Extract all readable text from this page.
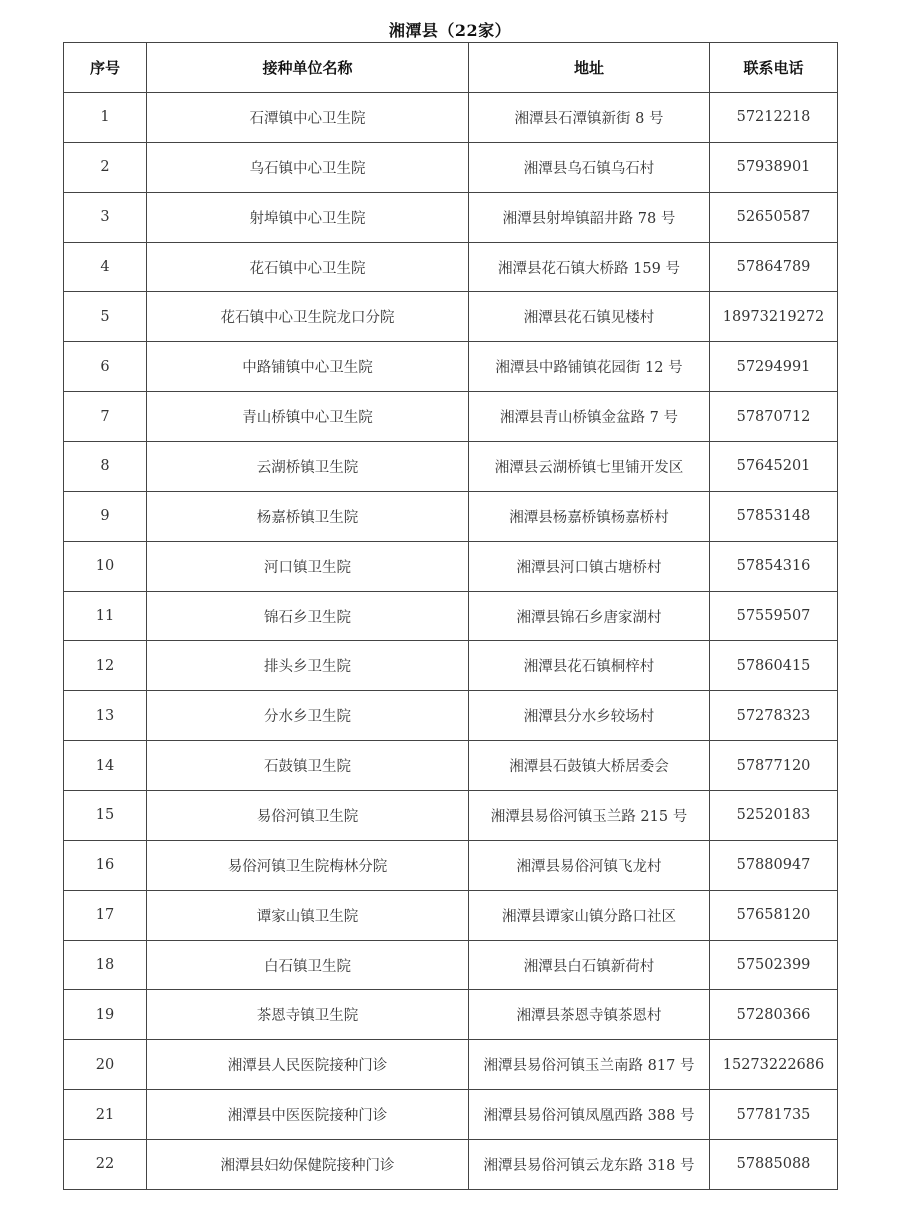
湘潭县（22家）
序号	接种单位名称	地址	联系电话
1	石潭镇中心卫生院	湘潭县石潭镇新街 8 号	57212218
2	乌石镇中心卫生院	湘潭县乌石镇乌石村	57938901
3	射埠镇中心卫生院	湘潭县射埠镇韶井路 78 号	52650587
4	花石镇中心卫生院	湘潭县花石镇大桥路 159 号	57864789
5	花石镇中心卫生院龙口分院	湘潭县花石镇见楼村	18973219272
6	中路铺镇中心卫生院	湘潭县中路铺镇花园街 12 号	57294991
7	青山桥镇中心卫生院	湘潭县青山桥镇金盆路 7 号	57870712
8	云湖桥镇卫生院	湘潭县云湖桥镇七里铺开发区	57645201
9	杨嘉桥镇卫生院	湘潭县杨嘉桥镇杨嘉桥村	57853148
10	河口镇卫生院	湘潭县河口镇古塘桥村	57854316
11	锦石乡卫生院	湘潭县锦石乡唐家湖村	57559507
12	排头乡卫生院	湘潭县花石镇桐梓村	57860415
13	分水乡卫生院	湘潭县分水乡较场村	57278323
14	石鼓镇卫生院	湘潭县石鼓镇大桥居委会	57877120
15	易俗河镇卫生院	湘潭县易俗河镇玉兰路 215 号	52520183
16	易俗河镇卫生院梅林分院	湘潭县易俗河镇飞龙村	57880947
17	谭家山镇卫生院	湘潭县谭家山镇分路口社区	57658120
18	白石镇卫生院	湘潭县白石镇新荷村	57502399
19	茶恩寺镇卫生院	湘潭县茶恩寺镇茶恩村	57280366
20	湘潭县人民医院接种门诊	湘潭县易俗河镇玉兰南路 817 号	15273222686
21	湘潭县中医医院接种门诊	湘潭县易俗河镇凤凰西路 388 号	57781735
22	湘潭县妇幼保健院接种门诊	湘潭县易俗河镇云龙东路 318 号	57885088
